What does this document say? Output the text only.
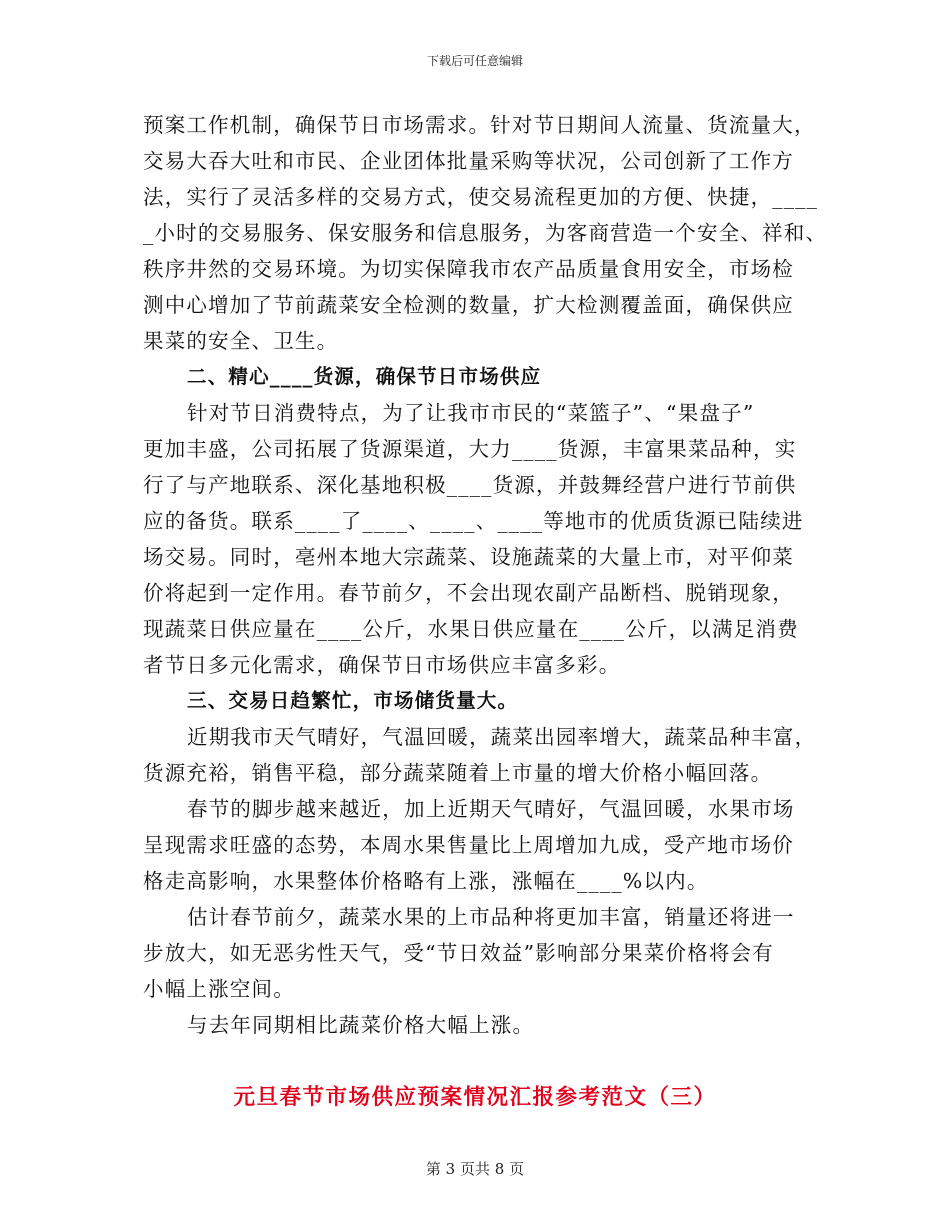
下载后可任意编辑
预案工作机制，确保节日市场需求。针对节日期间人流量、货流量大，
交易大吞大吐和市民、企业团体批量采购等状况，公司创新了工作方
法，实行了灵活多样的交易方式，使交易流程更加的方便、快捷，____
_小时的交易服务、保安服务和信息服务，为客商营造一个安全、祥和、
秩序井然的交易环境。为切实保障我市农产品质量食用安全，市场检
测中心增加了节前蔬菜安全检测的数量，扩大检测覆盖面，确保供应
果菜的安全、卫生。
二、精心____货源，确保节日市场供应
针对节日消费特点，为了让我市市民的“菜篮子”、“果盘子”
更加丰盛，公司拓展了货源渠道，大力____货源，丰富果菜品种，实
行了与产地联系、深化基地积极____货源，并鼓舞经营户进行节前供
应的备货。联系____了____、____、____等地市的优质货源已陆续进
场交易。同时，亳州本地大宗蔬菜、设施蔬菜的大量上市，对平仰菜
价将起到一定作用。春节前夕，不会出现农副产品断档、脱销现象，
现蔬菜日供应量在____公斤，水果日供应量在____公斤，以满足消费
者节日多元化需求，确保节日市场供应丰富多彩。
三、交易日趋繁忙，市场储货量大。
近期我市天气晴好，气温回暖，蔬菜出园率增大，蔬菜品种丰富，
货源充裕，销售平稳，部分蔬菜随着上市量的增大价格小幅回落。
春节的脚步越来越近，加上近期天气晴好，气温回暖，水果市场
呈现需求旺盛的态势，本周水果售量比上周增加九成，受产地市场价
格走高影响，水果整体价格略有上涨，涨幅在____%以内。
估计春节前夕，蔬菜水果的上市品种将更加丰富，销量还将进一
步放大，如无恶劣性天气，受“节日效益”影响部分果菜价格将会有
小幅上涨空间。
与去年同期相比蔬菜价格大幅上涨。
元旦春节市场供应预案情况汇报参考范文（三）
第 3 页共 8 页
